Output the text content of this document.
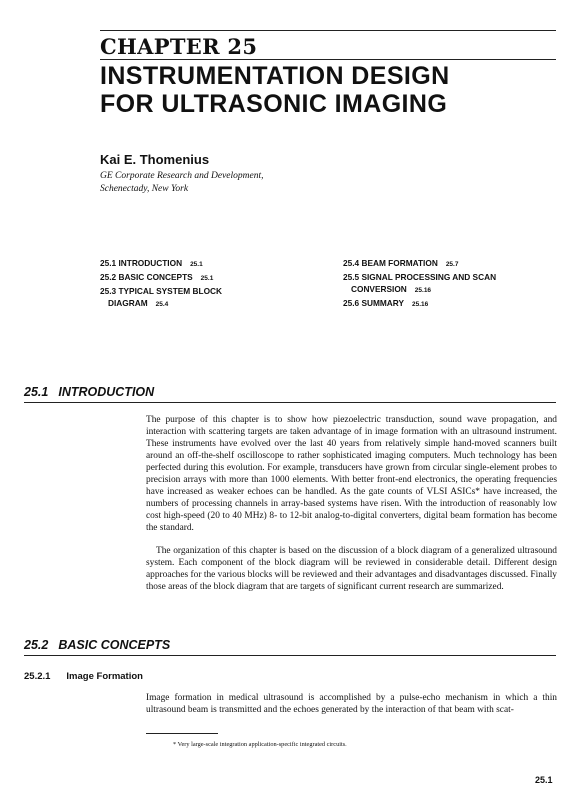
CHAPTER 25
INSTRUMENTATION DESIGN
FOR ULTRASONIC IMAGING
Kai E. Thomenius
GE Corporate Research and Development,
Schenectady, New York
25.1 INTRODUCTION 25.1
25.2 BASIC CONCEPTS 25.1
25.3 TYPICAL SYSTEM BLOCK
DIAGRAM 25.4
25.4 BEAM FORMATION 25.7
25.5 SIGNAL PROCESSING AND SCAN
CONVERSION 25.16
25.6 SUMMARY 25.16
25.1 INTRODUCTION

The purpose of this chapter is to show how piezoelectric transduction, sound wave propagation, and interaction with scattering targets are taken advantage of in image formation with an ultrasound instrument. These instruments have evolved over the last 40 years from relatively simple hand-moved scanners built around an off-the-shelf oscilloscope to rather sophisticated imaging computers. Much technology has been perfected during this evolution. For example, transducers have grown from circular single-element probes to precision arrays with more than 1000 elements. With better front-end electronics, the operating frequencies have increased as weaker echoes can be handled. As the gate counts of VLSI ASICs* have increased, the numbers of processing channels in array-based systems have risen. With the introduction of reasonably low cost high-speed (20 to 40 MHz) 8- to 12-bit analog-to-digital converters, digital beam formation has become the standard.

The organization of this chapter is based on the discussion of a block diagram of a generalized ultrasound system. Each component of the block diagram will be reviewed in considerable detail. Different design approaches for the various blocks will be reviewed and their advantages and disadvantages discussed. Finally those areas of the block diagram that are targets of significant current research are summarized.

25.2 BASIC CONCEPTS
25.2.1 Image Formation

Image formation in medical ultrasound is accomplished by a pulse-echo mechanism in which a thin ultrasound beam is transmitted and the echoes generated by the interaction of that beam with scat-

* Very large-scale integration application-specific integrated circuits.
25.1
